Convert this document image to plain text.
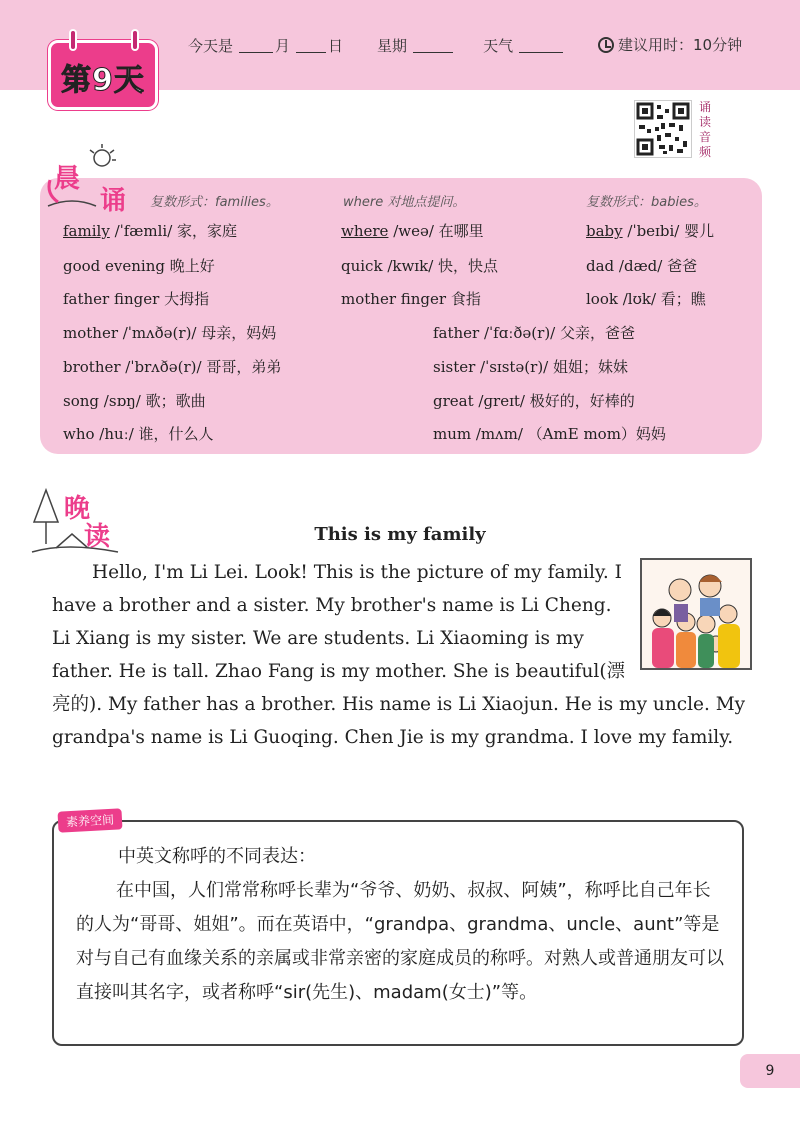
第9天
今天是	月	日 星期	天气	建议用时：10分钟
诵读音频
晨
诵 复数形式：families。	where 对地点提问。	复数形式：babies。
family /ˈfæmli/ 家，家庭	where /weə/ 在哪里	baby /ˈbeɪbi/ 婴儿
good evening 晚上好	quick /kwɪk/ 快，快点	dad /dæd/ 爸爸
father finger 大拇指	mother finger 食指	look /lʊk/ 看；瞧
mother /ˈmʌðə(r)/ 母亲，妈妈	father /ˈfɑːðə(r)/ 父亲，爸爸
brother /ˈbrʌðə(r)/ 哥哥，弟弟	sister /ˈsɪstə(r)/ 姐姐；妹妹
song /sɒŋ/ 歌；歌曲	great /ɡreɪt/ 极好的，好棒的
who /huː/ 谁，什么人	mum /mʌm/ （AmE mom）妈妈
晚
读	This is my family
Hello, I'm Li Lei. Look! This is the picture of my family. I have a brother and a sister. My brother's name is Li Cheng. Li Xiang is my sister. We are students. Li Xiaoming is my father. He is tall. Zhao Fang is my mother. She is beautiful(漂亮的). My father has a brother. His name is Li Xiaojun. He is my uncle. My grandpa's name is Li Guoqing. Chen Jie is my grandma. I love my family.
素养空间
中英文称呼的不同表达：
在中国，人们常常称呼长辈为“爷爷、奶奶、叔叔、阿姨”，称呼比自己年长的人为“哥哥、姐姐”。而在英语中，“grandpa、grandma、uncle、aunt”等是对与自己有血缘关系的亲属或非常亲密的家庭成员的称呼。对熟人或普通朋友可以直接叫其名字，或者称呼“sir(先生)、madam(女士)”等。
9
